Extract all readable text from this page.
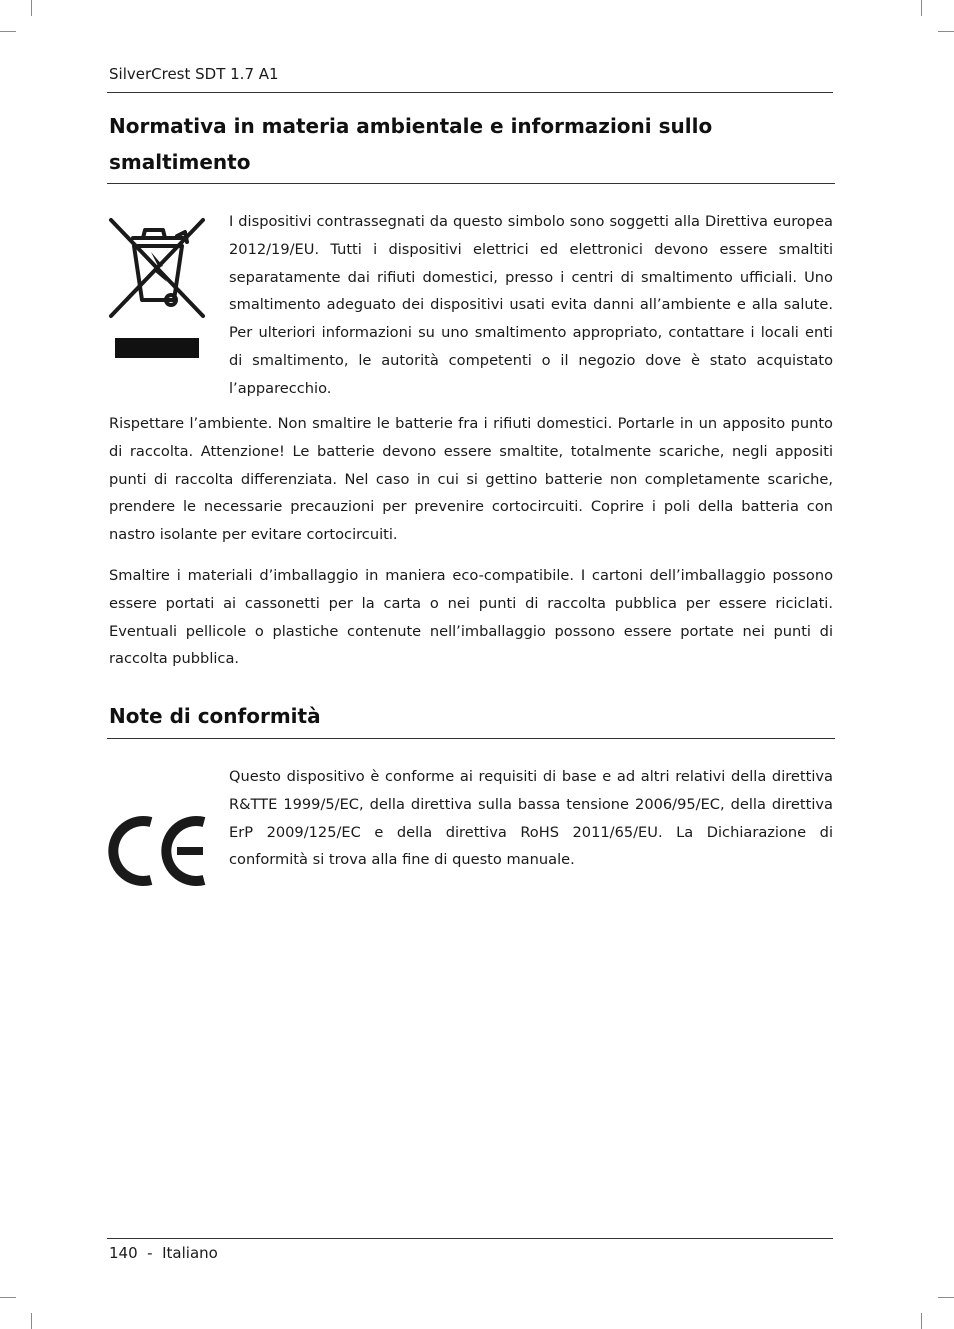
SilverCrest SDT 1.7 A1
Normativa in materia ambientale e informazioni sullo smaltimento

I dispositivi contrassegnati da questo simbolo sono soggetti alla Direttiva europea 2012/19/EU. Tutti i dispositivi elettrici ed elettronici devono essere smaltiti separatamente dai rifiuti domestici, presso i centri di smaltimento ufficiali. Uno smaltimento adeguato dei dispositivi usati evita danni all’ambiente e alla salute. Per ulteriori informazioni su uno smaltimento appropriato, contattare i locali enti di smaltimento, le autorità competenti o il negozio dove è stato acquistato l’apparecchio.

Rispettare l’ambiente. Non smaltire le batterie fra i rifiuti domestici. Portarle in un apposito punto di raccolta. Attenzione! Le batterie devono essere smaltite, totalmente scariche, negli appositi punti di raccolta differenziata. Nel caso in cui si gettino batterie non completamente scariche, prendere le necessarie precauzioni per prevenire cortocircuiti. Coprire i poli della batteria con nastro isolante per evitare cortocircuiti.

Smaltire i materiali d’imballaggio in maniera eco-compatibile. I cartoni dell’imballaggio possono essere portati ai cassonetti per la carta o nei punti di raccolta pubblica per essere riciclati. Eventuali pellicole o plastiche contenute nell’imballaggio possono essere portate nei punti di raccolta pubblica.

Note di conformità

Questo dispositivo è conforme ai requisiti di base e ad altri relativi della direttiva R&TTE 1999/5/EC, della direttiva sulla bassa tensione 2006/95/EC, della direttiva ErP 2009/125/EC e della direttiva RoHS 2011/65/EU. La Dichiarazione di conformità si trova alla fine di questo manuale.

140  -  Italiano
